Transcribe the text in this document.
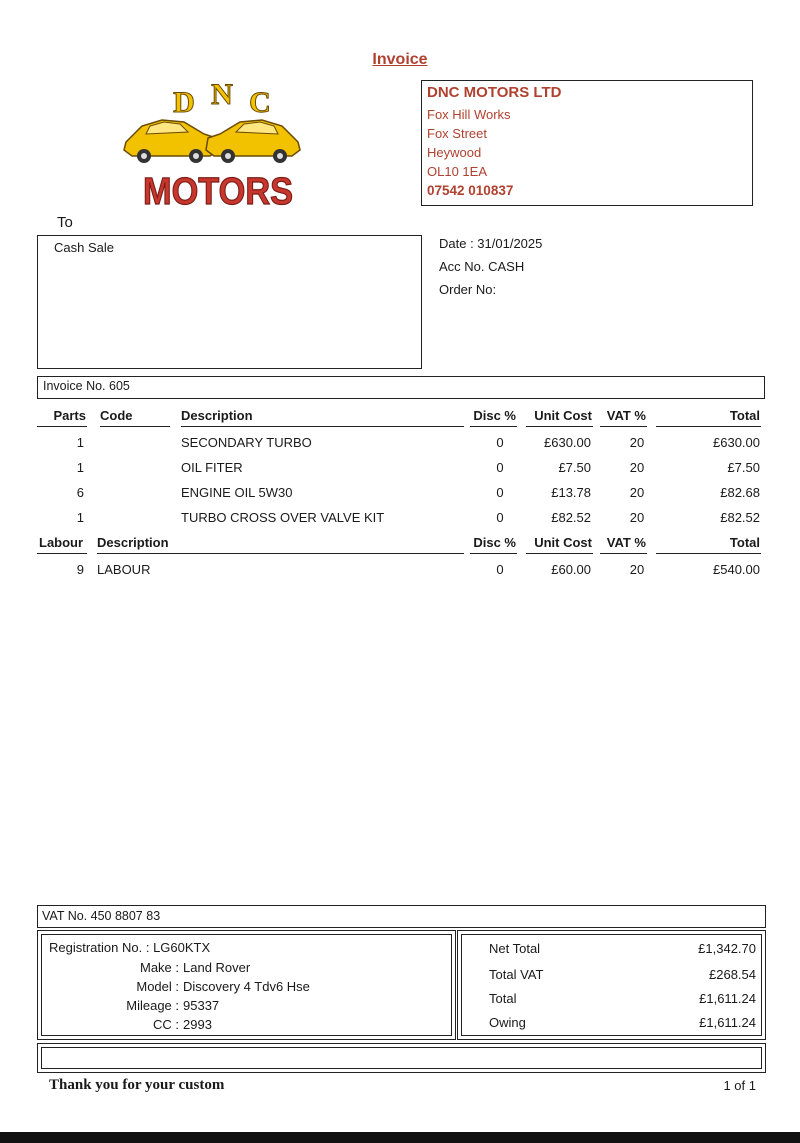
Invoice
D N C
MOTORS
DNC MOTORS LTD
Fox Hill Works
Fox Street
Heywood
OL10 1EA
07542 010837
To
Cash Sale	Date : 31/01/2025
Acc No. CASH
Order No:
Invoice No. 605
Parts Code	Description	Disc %	Unit Cost	VAT %	Total
1	SECONDARY TURBO	0	£630.00	20	£630.00
1	OIL FITER	0	£7.50	20	£7.50
6	ENGINE OIL 5W30	0	£13.78	20	£82.68
1	TURBO CROSS OVER VALVE KIT	0	£82.52	20	£82.52
Labour Description	Disc %	Unit Cost	VAT %	Total
9 LABOUR	0	£60.00	20	£540.00
VAT No. 450 8807 83
Registration No. : LG60KTX
Make : Land Rover
Model : Discovery 4 Tdv6 Hse
Mileage : 95337
CC : 2993
Net Total	£1,342.70
Total VAT	£268.54
Total	£1,611.24
Owing	£1,611.24
Thank you for your custom	1 of 1
